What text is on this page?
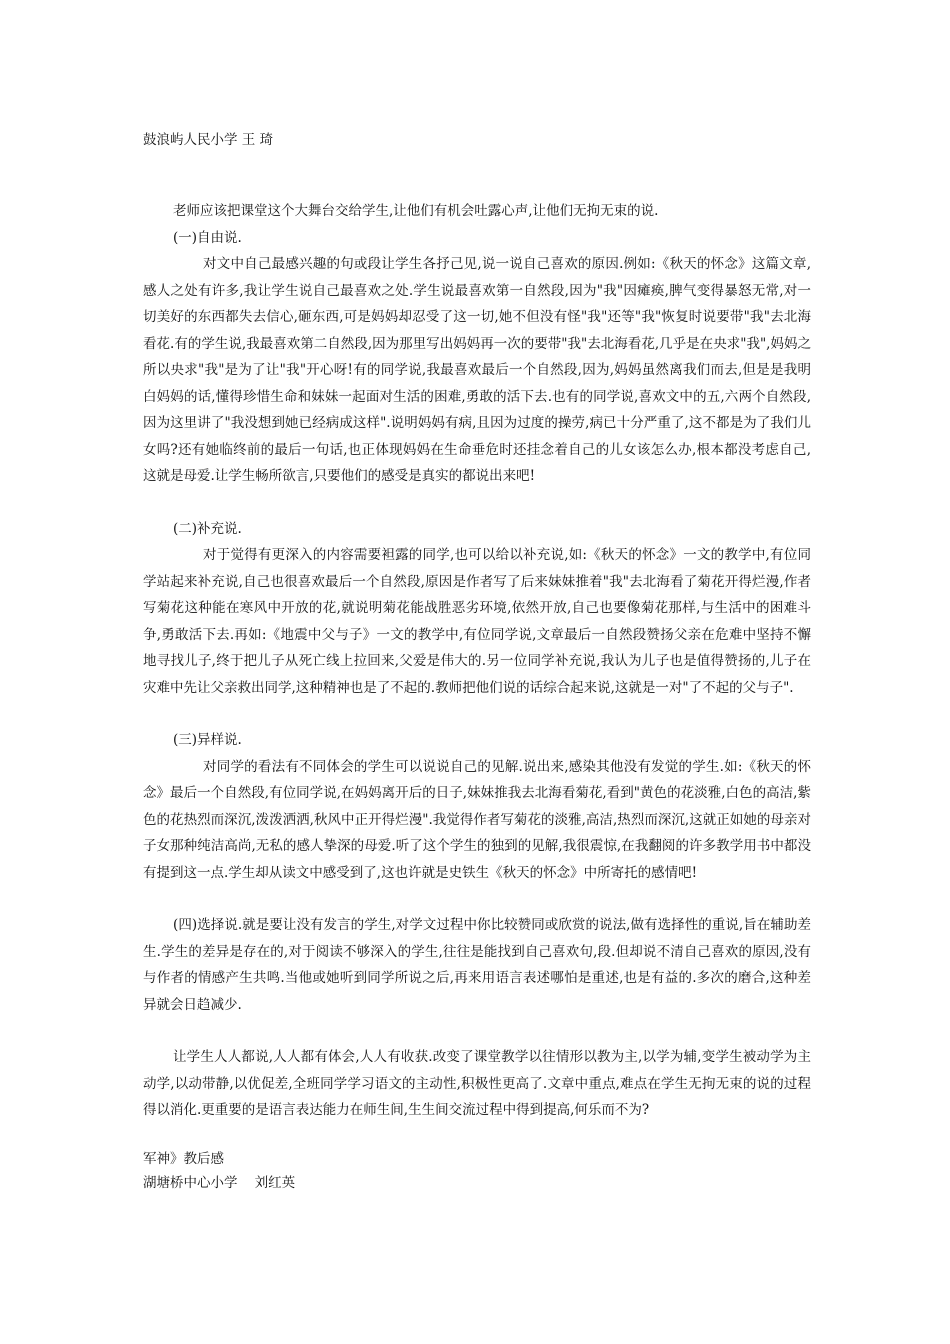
鼓浪屿人民小学 王 琦

老师应该把课堂这个大舞台交给学生,让他们有机会吐露心声,让他们无拘无束的说.

(一)自由说.

对文中自己最感兴趣的句或段让学生各抒己见,说一说自己喜欢的原因.例如:《秋天的怀念》这篇文章,感人之处有许多,我让学生说自己最喜欢之处.学生说最喜欢第一自然段,因为"我"因瘫痪,脾气变得暴怒无常,对一切美好的东西都失去信心,砸东西,可是妈妈却忍受了这一切,她不但没有怪"我"还等"我"恢复时说要带"我"去北海看花.有的学生说,我最喜欢第二自然段,因为那里写出妈妈再一次的要带"我"去北海看花,几乎是在央求"我",妈妈之所以央求"我"是为了让"我"开心呀!有的同学说,我最喜欢最后一个自然段,因为,妈妈虽然离我们而去,但是是我明白妈妈的话,懂得珍惜生命和妹妹一起面对生活的困难,勇敢的活下去.也有的同学说,喜欢文中的五,六两个自然段,因为这里讲了"我没想到她已经病成这样".说明妈妈有病,且因为过度的操劳,病已十分严重了,这不都是为了我们儿女吗?还有她临终前的最后一句话,也正体现妈妈在生命垂危时还挂念着自己的儿女该怎么办,根本都没考虑自己,这就是母爱.让学生畅所欲言,只要他们的感受是真实的都说出来吧!

(二)补充说.

对于觉得有更深入的内容需要袒露的同学,也可以给以补充说,如:《秋天的怀念》一文的教学中,有位同学站起来补充说,自己也很喜欢最后一个自然段,原因是作者写了后来妹妹推着"我"去北海看了菊花开得烂漫,作者写菊花这种能在寒风中开放的花,就说明菊花能战胜恶劣环境,依然开放,自己也要像菊花那样,与生活中的困难斗争,勇敢活下去.再如:《地震中父与子》一文的教学中,有位同学说,文章最后一自然段赞扬父亲在危难中坚持不懈地寻找儿子,终于把儿子从死亡线上拉回来,父爱是伟大的.另一位同学补充说,我认为儿子也是值得赞扬的,儿子在灾难中先让父亲救出同学,这种精神也是了不起的.教师把他们说的话综合起来说,这就是一对"了不起的父与子".

(三)异样说.

对同学的看法有不同体会的学生可以说说自己的见解.说出来,感染其他没有发觉的学生.如:《秋天的怀念》最后一个自然段,有位同学说,在妈妈离开后的日子,妹妹推我去北海看菊花,看到"黄色的花淡雅,白色的高洁,紫色的花热烈而深沉,泼泼洒洒,秋风中正开得烂漫".我觉得作者写菊花的淡雅,高洁,热烈而深沉,这就正如她的母亲对子女那种纯洁高尚,无私的感人挚深的母爱.听了这个学生的独到的见解,我很震惊,在我翻阅的许多教学用书中都没有提到这一点.学生却从读文中感受到了,这也许就是史铁生《秋天的怀念》中所寄托的感情吧!

(四)选择说.就是要让没有发言的学生,对学文过程中你比较赞同或欣赏的说法,做有选择性的重说,旨在辅助差生.学生的差异是存在的,对于阅读不够深入的学生,往往是能找到自己喜欢句,段.但却说不清自己喜欢的原因,没有与作者的情感产生共鸣.当他或她听到同学所说之后,再来用语言表述哪怕是重述,也是有益的.多次的磨合,这种差异就会日趋减少.

让学生人人都说,人人都有体会,人人有收获.改变了课堂教学以往情形以教为主,以学为辅,变学生被动学为主动学,以动带静,以优促差,全班同学学习语文的主动性,积极性更高了.文章中重点,难点在学生无拘无束的说的过程得以消化.更重要的是语言表达能力在师生间,生生间交流过程中得到提高,何乐而不为?

军神》教后感
湖塘桥中心小学    刘红英
